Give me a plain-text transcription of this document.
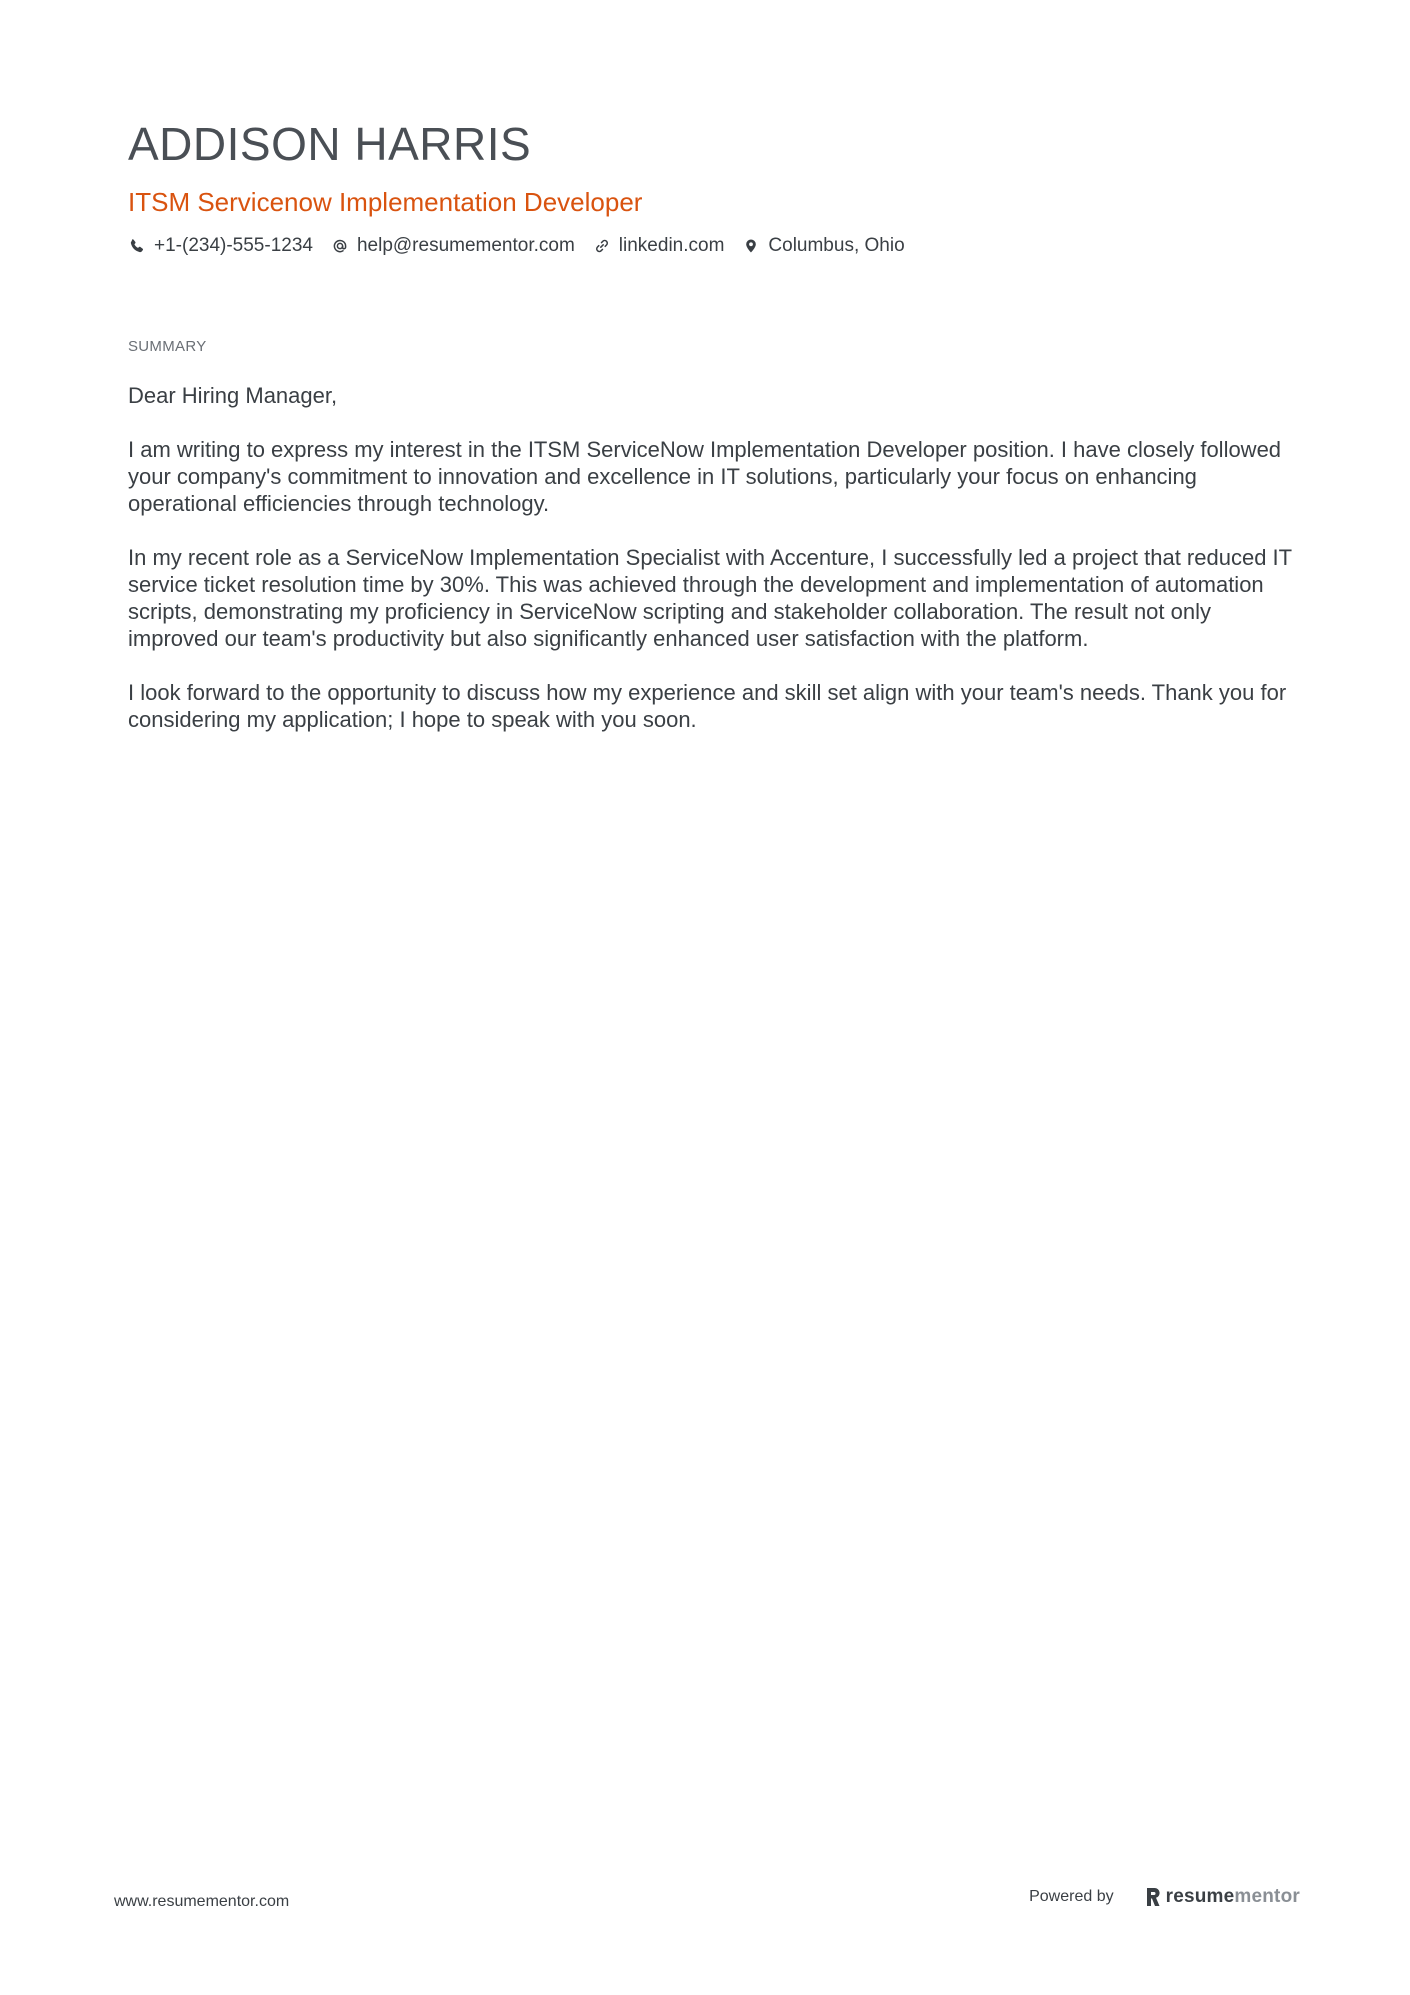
ADDISON HARRIS
ITSM Servicenow Implementation Developer
+1-(234)-555-1234 help@resumementor.com linkedin.com Columbus, Ohio
SUMMARY

Dear Hiring Manager,

I am writing to express my interest in the ITSM ServiceNow Implementation Developer position. I have closely followed your company's commitment to innovation and excellence in IT solutions, particularly your focus on enhancing operational efficiencies through technology.

In my recent role as a ServiceNow Implementation Specialist with Accenture, I successfully led a project that reduced IT service ticket resolution time by 30%. This was achieved through the development and implementation of automation scripts, demonstrating my proficiency in ServiceNow scripting and stakeholder collaboration. The result not only improved our team's productivity but also significantly enhanced user satisfaction with the platform.

I look forward to the opportunity to discuss how my experience and skill set align with your team's needs. Thank you for considering my application; I hope to speak with you soon.

www.resumementor.com	Powered by	resume mentor
